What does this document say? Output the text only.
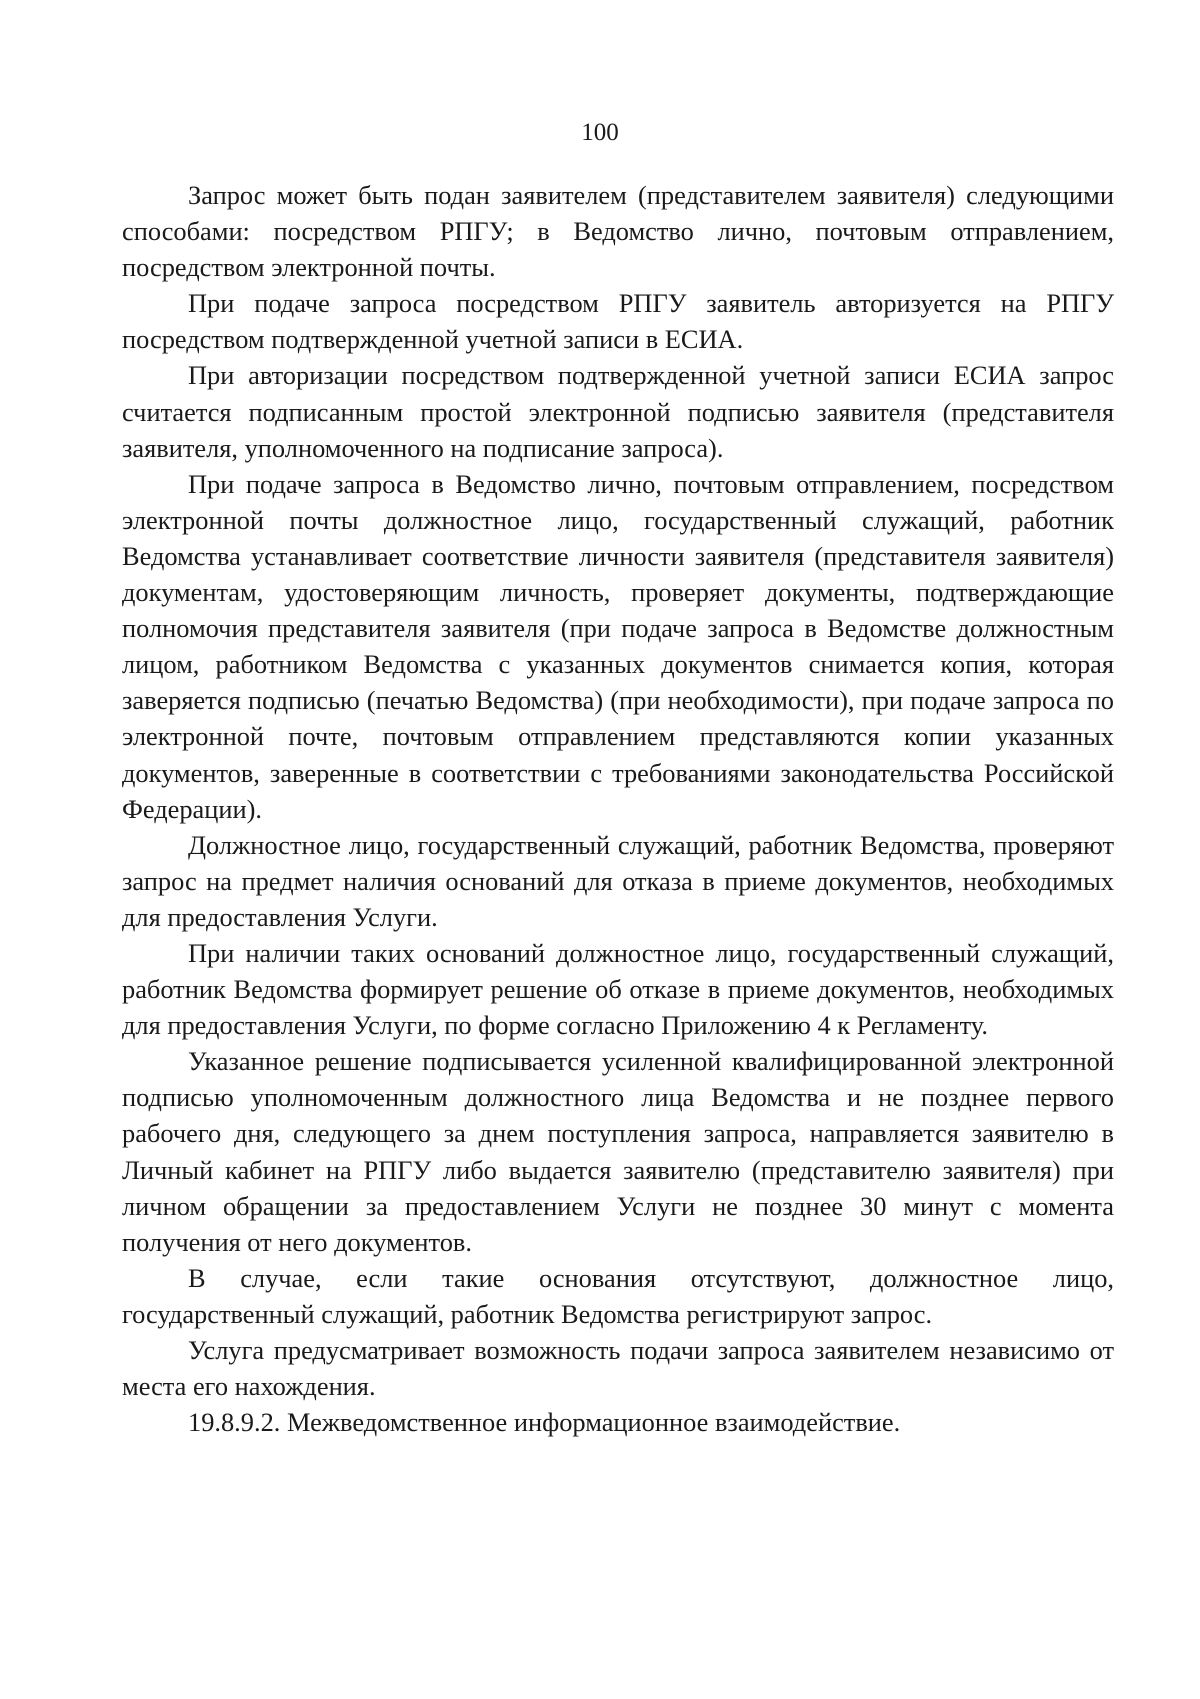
100

Запрос может быть подан заявителем (представителем заявителя) следующими способами: посредством РПГУ; в Ведомство лично, почтовым отправлением, посредством электронной почты.

При подаче запроса посредством РПГУ заявитель авторизуется на РПГУ посредством подтвержденной учетной записи в ЕСИА.

При авторизации посредством подтвержденной учетной записи ЕСИА запрос считается подписанным простой электронной подписью заявителя (представителя заявителя, уполномоченного на подписание запроса).

При подаче запроса в Ведомство лично, почтовым отправлением, посредством электронной почты должностное лицо, государственный служащий, работник Ведомства устанавливает соответствие личности заявителя (представителя заявителя) документам, удостоверяющим личность, проверяет документы, подтверждающие полномочия представителя заявителя (при подаче запроса в Ведомстве должностным лицом, работником Ведомства с указанных документов снимается копия, которая заверяется подписью (печатью Ведомства) (при необходимости), при подаче запроса по электронной почте, почтовым отправлением представляются копии указанных документов, заверенные в соответствии с требованиями законодательства Российской Федерации).

Должностное лицо, государственный служащий, работник Ведомства, проверяют запрос на предмет наличия оснований для отказа в приеме документов, необходимых для предоставления Услуги.

При наличии таких оснований должностное лицо, государственный служащий, работник Ведомства формирует решение об отказе в приеме документов, необходимых для предоставления Услуги, по форме согласно Приложению 4 к Регламенту.

Указанное решение подписывается усиленной квалифицированной электронной подписью уполномоченным должностного лица Ведомства и не позднее первого рабочего дня, следующего за днем поступления запроса, направляется заявителю в Личный кабинет на РПГУ либо выдается заявителю (представителю заявителя) при личном обращении за предоставлением Услуги не позднее 30 минут с момента получения от него документов.

В случае, если такие основания отсутствуют, должностное лицо, государственный служащий, работник Ведомства регистрируют запрос.

Услуга предусматривает возможность подачи запроса заявителем независимо от места его нахождения.

19.8.9.2. Межведомственное информационное взаимодействие.
